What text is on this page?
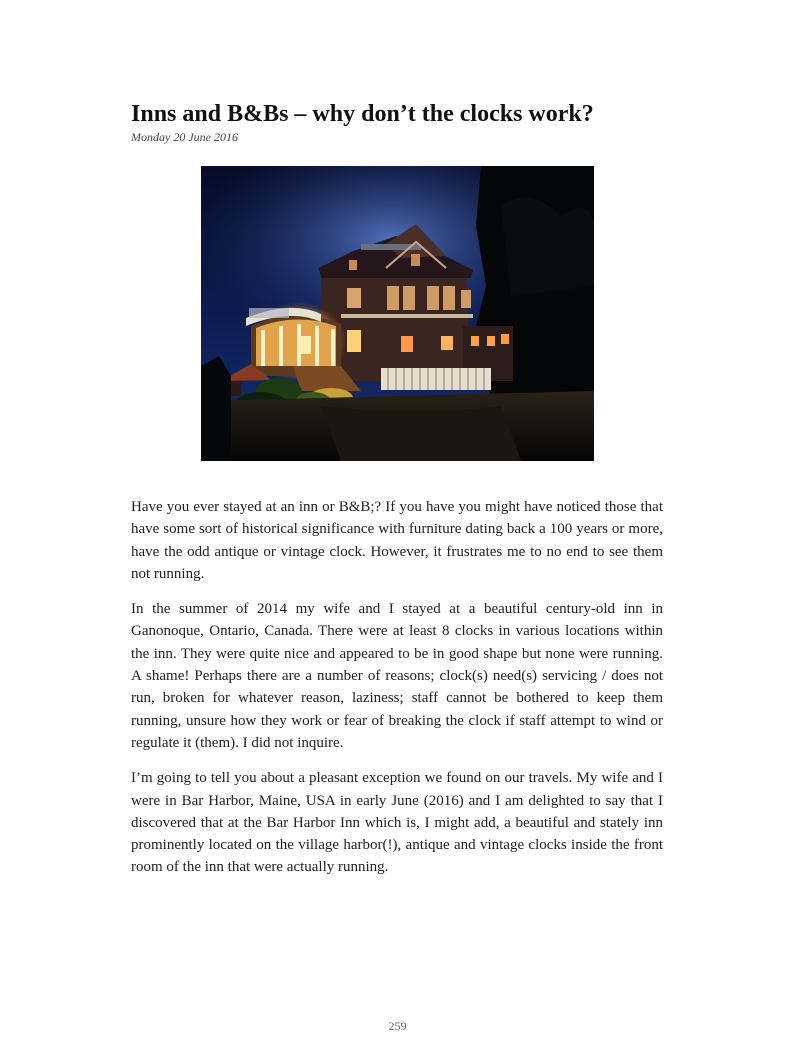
Inns and B&Bs – why don’t the clocks work?
Monday 20 June 2016

Have you ever stayed at an inn or B&B;? If you have you might have noticed those that have some sort of historical significance with furniture dating back a 100 years or more, have the odd antique or vintage clock. However, it frustrates me to no end to see them not running.

In the summer of 2014 my wife and I stayed at a beautiful century-old inn in Ganonoque, Ontario, Canada. There were at least 8 clocks in various locations within the inn. They were quite nice and appeared to be in good shape but none were running. A shame! Perhaps there are a number of reasons; clock(s) need(s) servicing / does not run, broken for whatever reason, laziness; staff cannot be bothered to keep them running, unsure how they work or fear of breaking the clock if staff attempt to wind or regulate it (them). I did not inquire.

I’m going to tell you about a pleasant exception we found on our travels. My wife and I were in Bar Harbor, Maine, USA in early June (2016) and I am delighted to say that I discovered that at the Bar Harbor Inn which is, I might add, a beautiful and stately inn prominently located on the village harbor(!), antique and vintage clocks inside the front room of the inn that were actually running.

259
